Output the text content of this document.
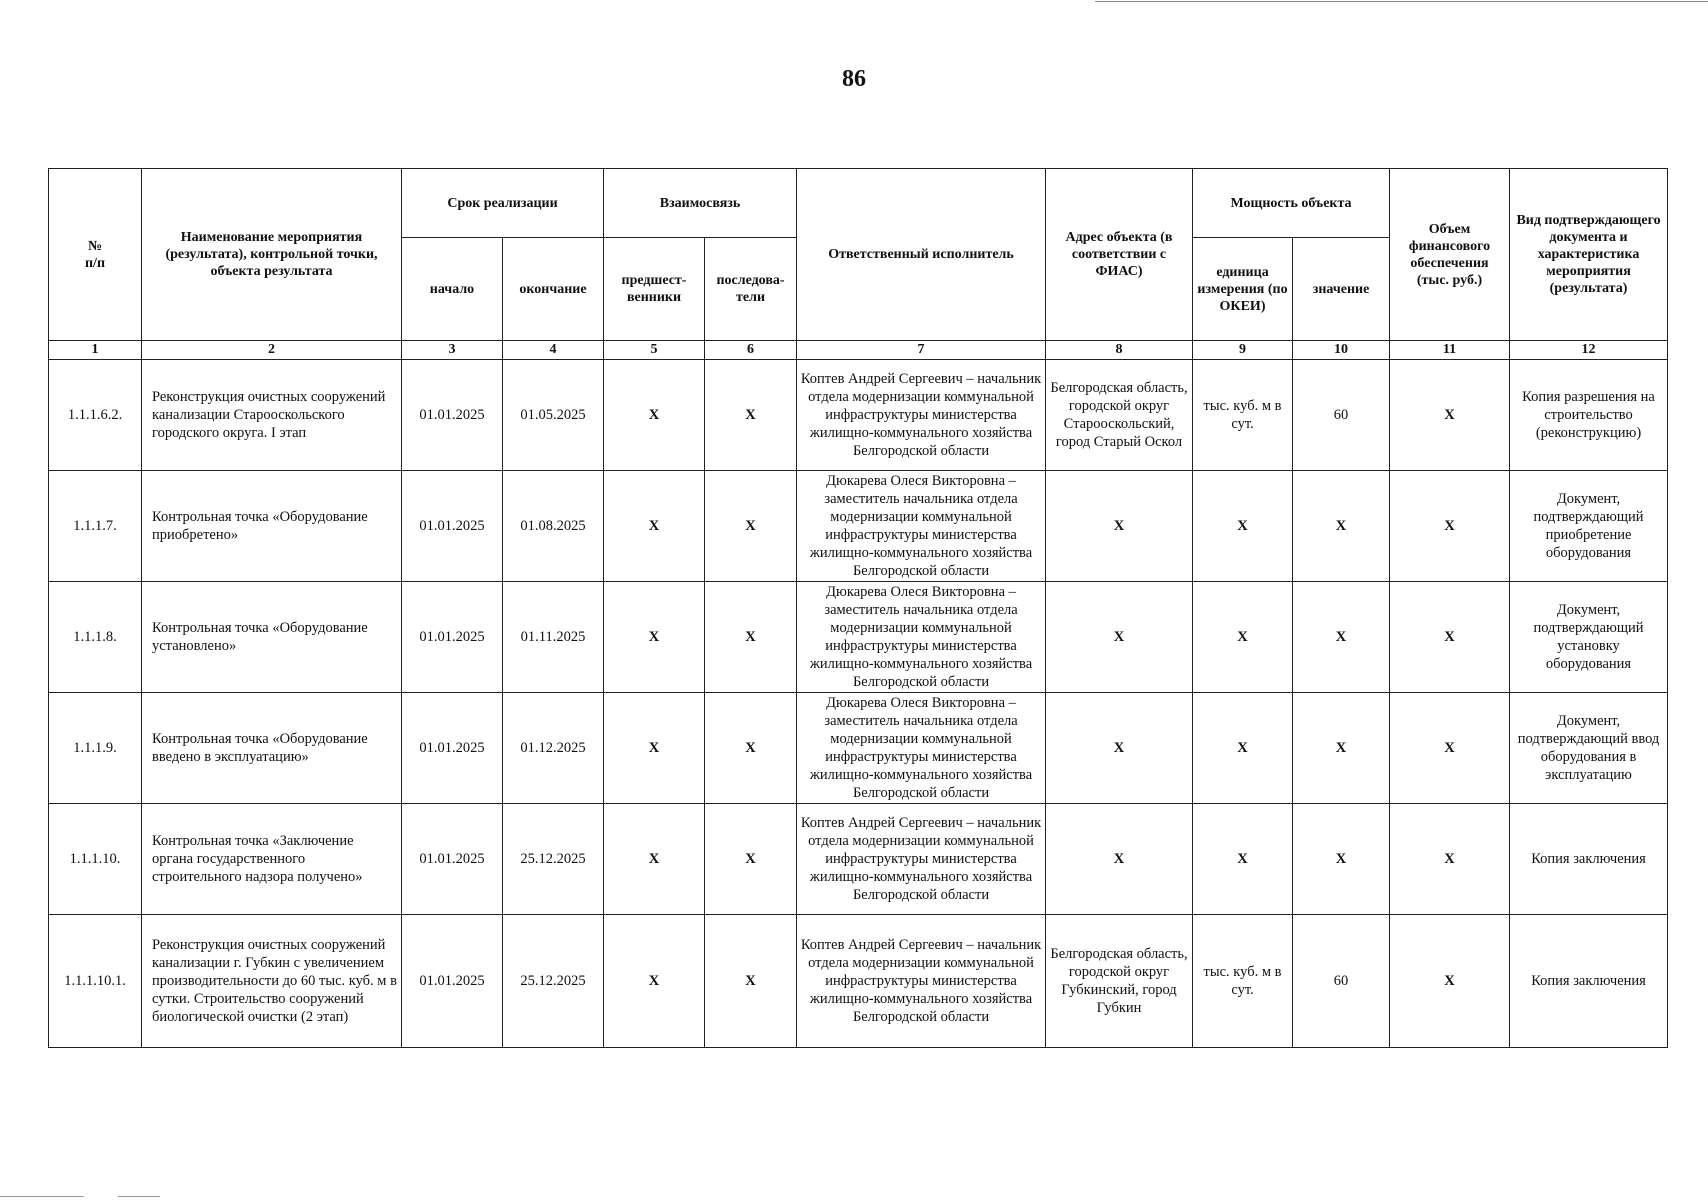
86
№
п/п	Наименование мероприятия (результата), контрольной точки, объекта результата	Срок реализации		Взаимосвязь		Ответственный исполнитель	Адрес объекта (в соответствии с ФИАС)	Мощность объекта		Объем финансового обеспечения (тыс. руб.)	Вид подтверждающего документа и характеристика мероприятия (результата)
		начало	окончание	предшест-венники	последова-тели			единица измерения (по ОКЕИ)	значение		
1	2	3	4	5	6	7	8	9	10	11	12
1.1.1.6.2.	Реконструкция очистных сооружений канализации Старооскольского городского округа. I этап	01.01.2025	01.05.2025	X	X	Коптев Андрей Сергеевич – начальник отдела модернизации коммунальной инфраструктуры министерства жилищно-коммунального хозяйства Белгородской области	Белгородская область, городской округ Старооскольский, город Старый Оскол	тыс. куб. м в сут.	60	X	Копия разрешения на строительство (реконструкцию)
1.1.1.7.	Контрольная точка «Оборудование приобретено»	01.01.2025	01.08.2025	X	X	Дюкарева Олеся Викторовна – заместитель начальника отдела модернизации коммунальной инфраструктуры министерства жилищно-коммунального хозяйства Белгородской области	X	X	X	X	Документ, подтверждающий приобретение оборудования
1.1.1.8.	Контрольная точка «Оборудование установлено»	01.01.2025	01.11.2025	X	X	Дюкарева Олеся Викторовна – заместитель начальника отдела модернизации коммунальной инфраструктуры министерства жилищно-коммунального хозяйства Белгородской области	X	X	X	X	Документ, подтверждающий установку оборудования
1.1.1.9.	Контрольная точка «Оборудование введено в эксплуатацию»	01.01.2025	01.12.2025	X	X	Дюкарева Олеся Викторовна – заместитель начальника отдела модернизации коммунальной инфраструктуры министерства жилищно-коммунального хозяйства Белгородской области	X	X	X	X	Документ, подтверждающий ввод оборудования в эксплуатацию
1.1.1.10.	Контрольная точка «Заключение органа государственного строительного надзора получено»	01.01.2025	25.12.2025	X	X	Коптев Андрей Сергеевич – начальник отдела модернизации коммунальной инфраструктуры министерства жилищно-коммунального хозяйства Белгородской области	X	X	X	X	Копия заключения
1.1.1.10.1.	Реконструкция очистных сооружений канализации г. Губкин с увеличением производительности до 60 тыс. куб. м в сутки. Строительство сооружений биологической очистки (2 этап)	01.01.2025	25.12.2025	X	X	Коптев Андрей Сергеевич – начальник отдела модернизации коммунальной инфраструктуры министерства жилищно-коммунального хозяйства Белгородской области	Белгородская область, городской округ Губкинский, город Губкин	тыс. куб. м в сут.	60	X	Копия заключения
